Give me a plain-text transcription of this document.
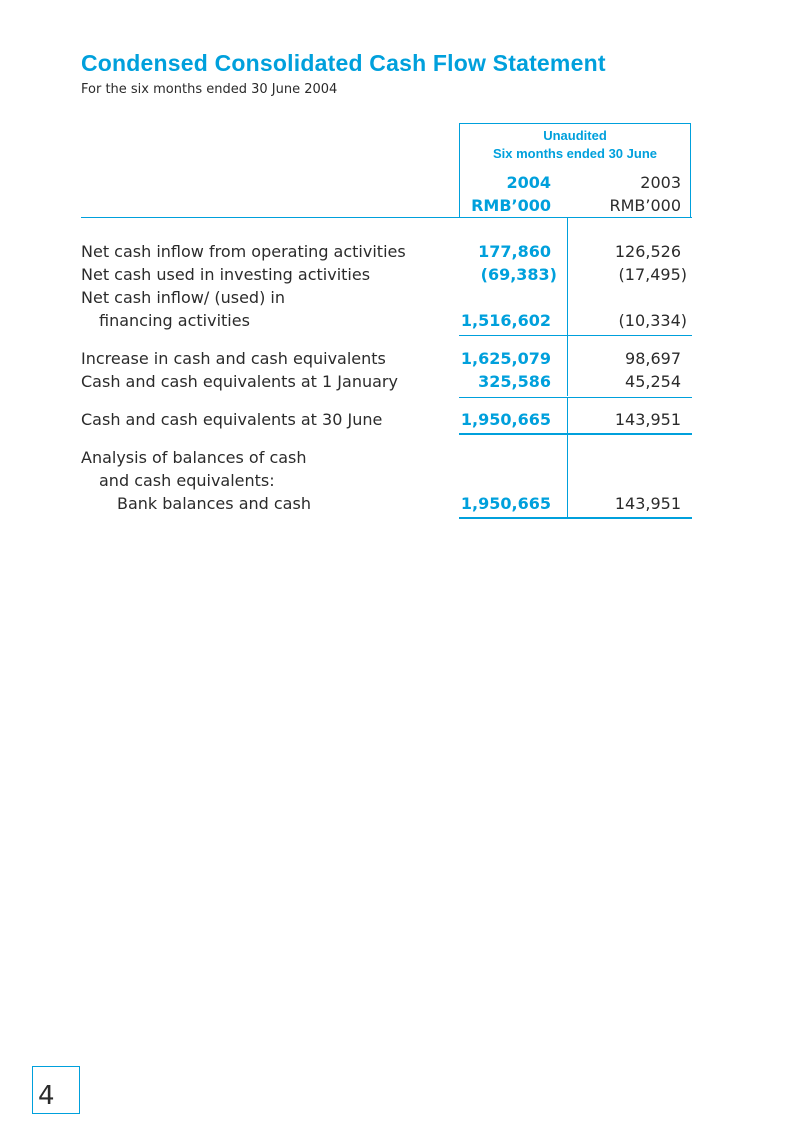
Condensed Consolidated Cash Flow Statement
For the six months ended 30 June 2004
Unaudited
Six months ended 30 June
2004	2003
RMB’000	RMB’000
Net cash inflow from operating activities	177,860	126,526
Net cash used in investing activities	(69,383)	(17,495)
Net cash inflow/ (used) in
financing activities	1,516,602	(10,334)
Increase in cash and cash equivalents	1,625,079	98,697
Cash and cash equivalents at 1 January	325,586	45,254
Cash and cash equivalents at 30 June	1,950,665	143,951
Analysis of balances of cash
and cash equivalents:
Bank balances and cash	1,950,665	143,951
4
